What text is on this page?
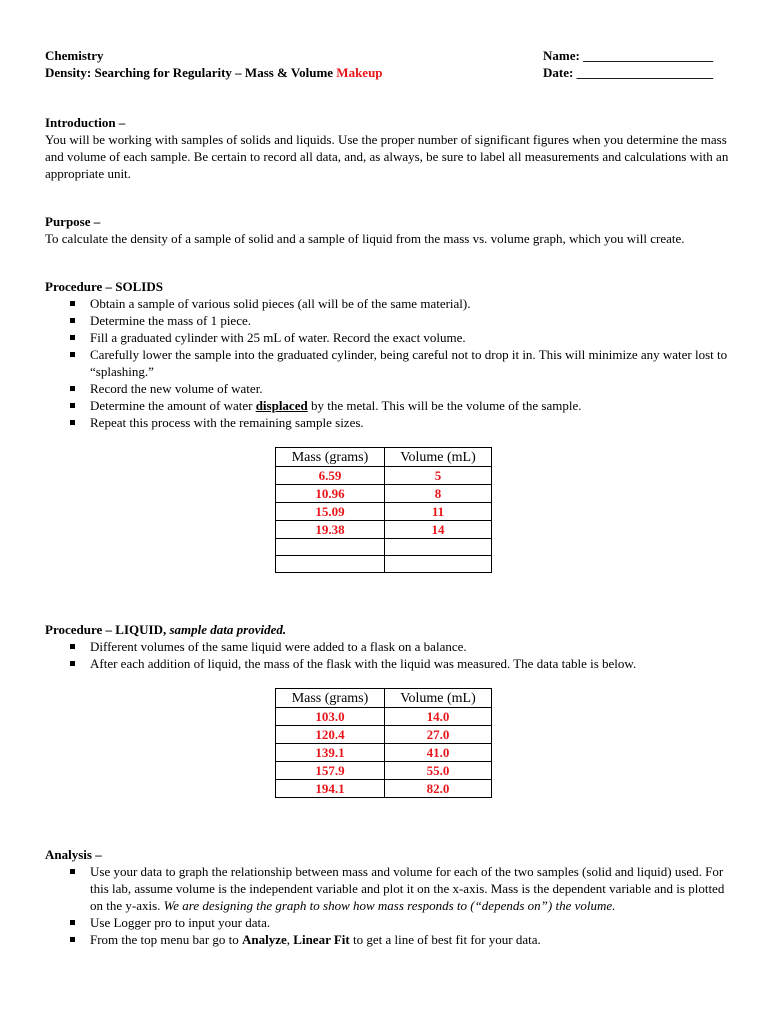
Chemistry
Density: Searching for Regularity – Mass & Volume Makeup
Name: ____________________
Date: _____________________
Introduction –

You will be working with samples of solids and liquids. Use the proper number of significant figures when you determine the mass and volume of each sample. Be certain to record all data, and, as always, be sure to label all measurements and calculations with an appropriate unit.

Purpose –

To calculate the density of a sample of solid and a sample of liquid from the mass vs. volume graph, which you will create.

Procedure – SOLIDS
Obtain a sample of various solid pieces (all will be of the same material).
Determine the mass of 1 piece.
Fill a graduated cylinder with 25 mL of water. Record the exact volume.
Carefully lower the sample into the graduated cylinder, being careful not to drop it in. This will minimize any water lost to “splashing.”
Record the new volume of water.
Determine the amount of water displaced by the metal. This will be the volume of the sample.
Repeat this process with the remaining sample sizes.
Mass (grams)	Volume (mL)
6.59	5
10.96	8
15.09	11
19.38	14

Procedure – LIQUID, sample data provided.
Different volumes of the same liquid were added to a flask on a balance.
After each addition of liquid, the mass of the flask with the liquid was measured. The data table is below.
Mass (grams)	Volume (mL)
103.0	14.0
120.4	27.0
139.1	41.0
157.9	55.0
194.1	82.0
Analysis –
Use your data to graph the relationship between mass and volume for each of the two samples (solid and liquid) used. For this lab, assume volume is the independent variable and plot it on the x-axis. Mass is the dependent variable and is plotted on the y-axis. We are designing the graph to show how mass responds to (“depends on”) the volume.
Use Logger pro to input your data.
From the top menu bar go to Analyze, Linear Fit to get a line of best fit for your data.
